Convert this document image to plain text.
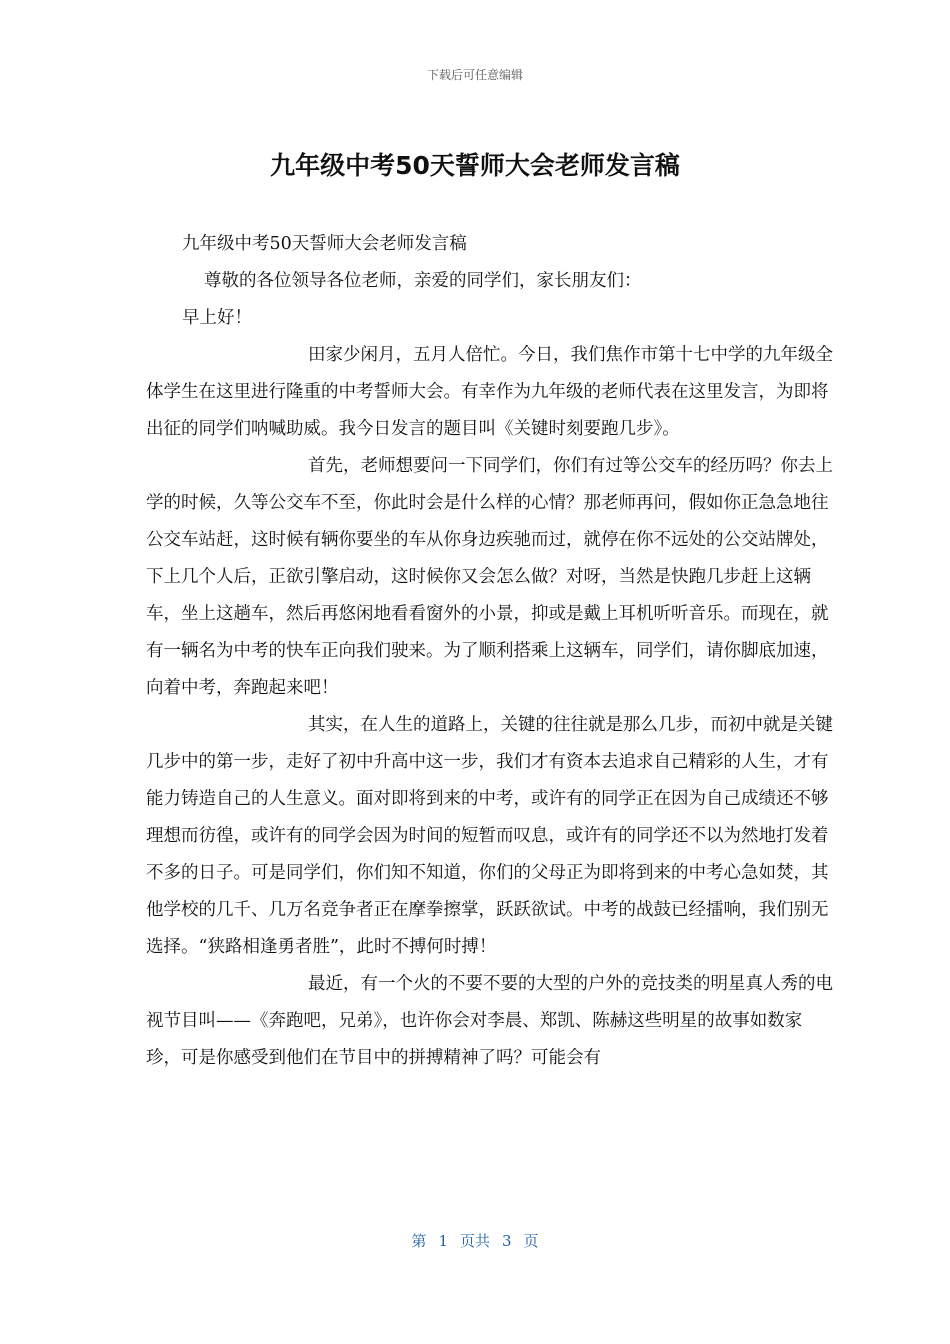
下载后可任意编辑
九年级中考50天誓师大会老师发言稿

九年级中考50天誓师大会老师发言稿

尊敬的各位领导各位老师，亲爱的同学们，家长朋友们：

早上好！

田家少闲月，五月人倍忙。今日，我们焦作市第十七中学的九年级全体学生在这里进行隆重的中考誓师大会。有幸作为九年级的老师代表在这里发言，为即将出征的同学们呐喊助威。我今日发言的题目叫《关键时刻要跑几步》。

首先，老师想要问一下同学们，你们有过等公交车的经历吗？你去上学的时候，久等公交车不至，你此时会是什么样的心情？那老师再问，假如你正急急地往公交车站赶，这时候有辆你要坐的车从你身边疾驰而过，就停在你不远处的公交站牌处，下上几个人后，正欲引擎启动，这时候你又会怎么做？对呀，当然是快跑几步赶上这辆车，坐上这趟车，然后再悠闲地看看窗外的小景，抑或是戴上耳机听听音乐。而现在，就有一辆名为中考的快车正向我们驶来。为了顺利搭乘上这辆车，同学们，请你脚底加速，向着中考，奔跑起来吧！

其实，在人生的道路上，关键的往往就是那么几步，而初中就是关键几步中的第一步，走好了初中升高中这一步，我们才有资本去追求自己精彩的人生，才有能力铸造自己的人生意义。面对即将到来的中考，或许有的同学正在因为自己成绩还不够理想而彷徨，或许有的同学会因为时间的短暂而叹息，或许有的同学还不以为然地打发着不多的日子。可是同学们，你们知不知道，你们的父母正为即将到来的中考心急如焚，其他学校的几千、几万名竞争者正在摩拳擦掌，跃跃欲试。中考的战鼓已经擂响，我们别无选择。“狭路相逢勇者胜”，此时不搏何时搏！

最近，有一个火的不要不要的大型的户外的竞技类的明星真人秀的电视节目叫——《奔跑吧，兄弟》，也许你会对李晨、郑凯、陈赫这些明星的故事如数家珍，可是你感受到他们在节目中的拼搏精神了吗？可能会有

第 1 页共 3 页
